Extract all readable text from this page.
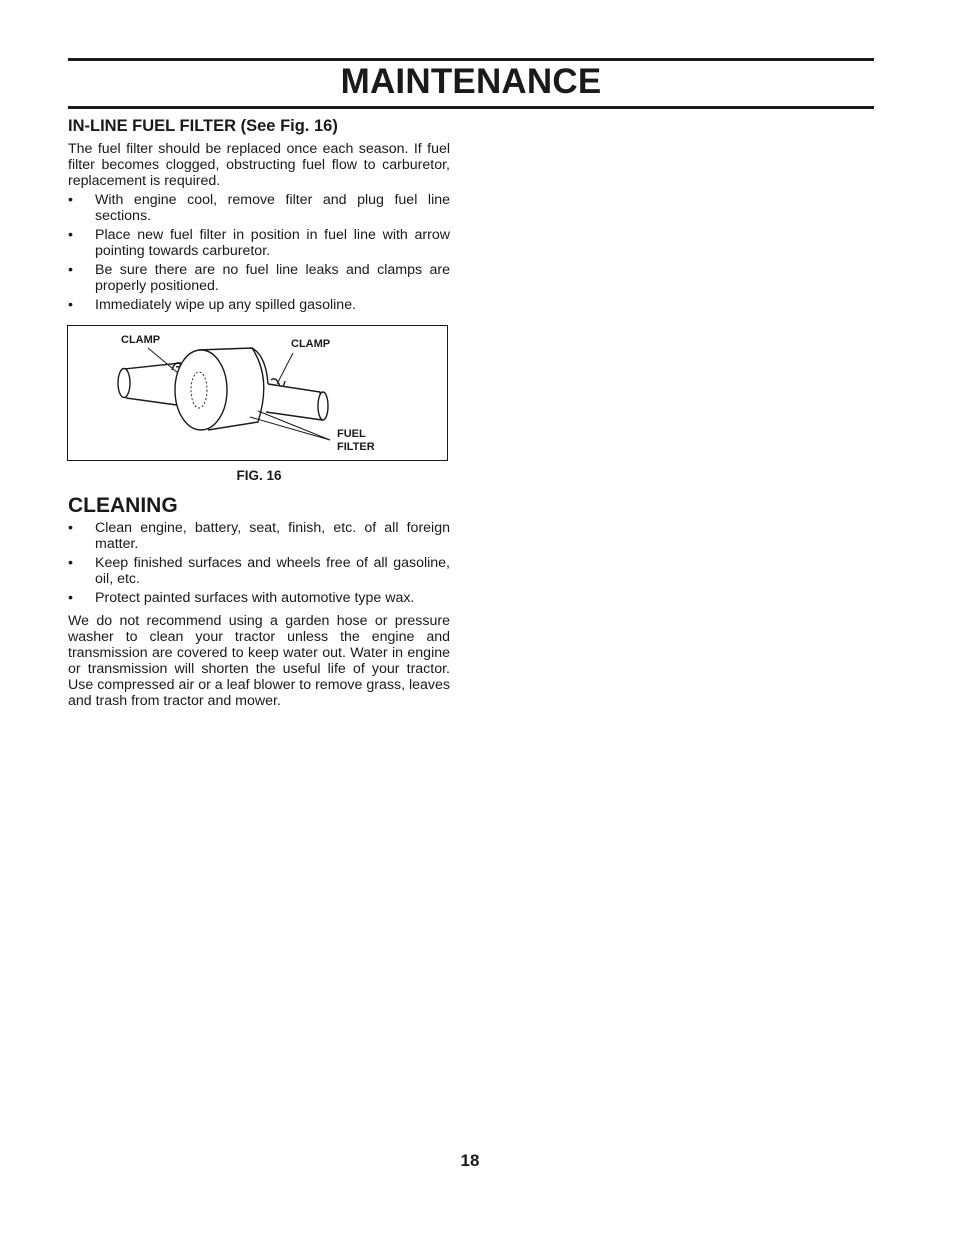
MAINTENANCE
IN-LINE FUEL FILTER (See Fig. 16)

The fuel filter should be replaced once each season. If fuel filter becomes clogged, obstructing fuel flow to carburetor, replacement is required.

• With engine cool, remove filter and plug fuel line sections.
• Place new fuel filter in position in fuel line with arrow pointing towards carburetor.
• Be sure there are no fuel line leaks and clamps are properly positioned.
• Immediately wipe up any spilled gasoline.
CLAMP	CLAMP
FUEL
FILTER
FIG. 16
CLEANING
• Clean engine, battery, seat, finish, etc. of all foreign matter.
• Keep finished surfaces and wheels free of all gasoline, oil, etc.
• Protect painted surfaces with automotive type wax.

We do not recommend using a garden hose or pressure washer to clean your tractor unless the engine and transmission are covered to keep water out. Water in engine or transmission will shorten the useful life of your tractor. Use compressed air or a leaf blower to remove grass, leaves and trash from tractor and mower.

18
